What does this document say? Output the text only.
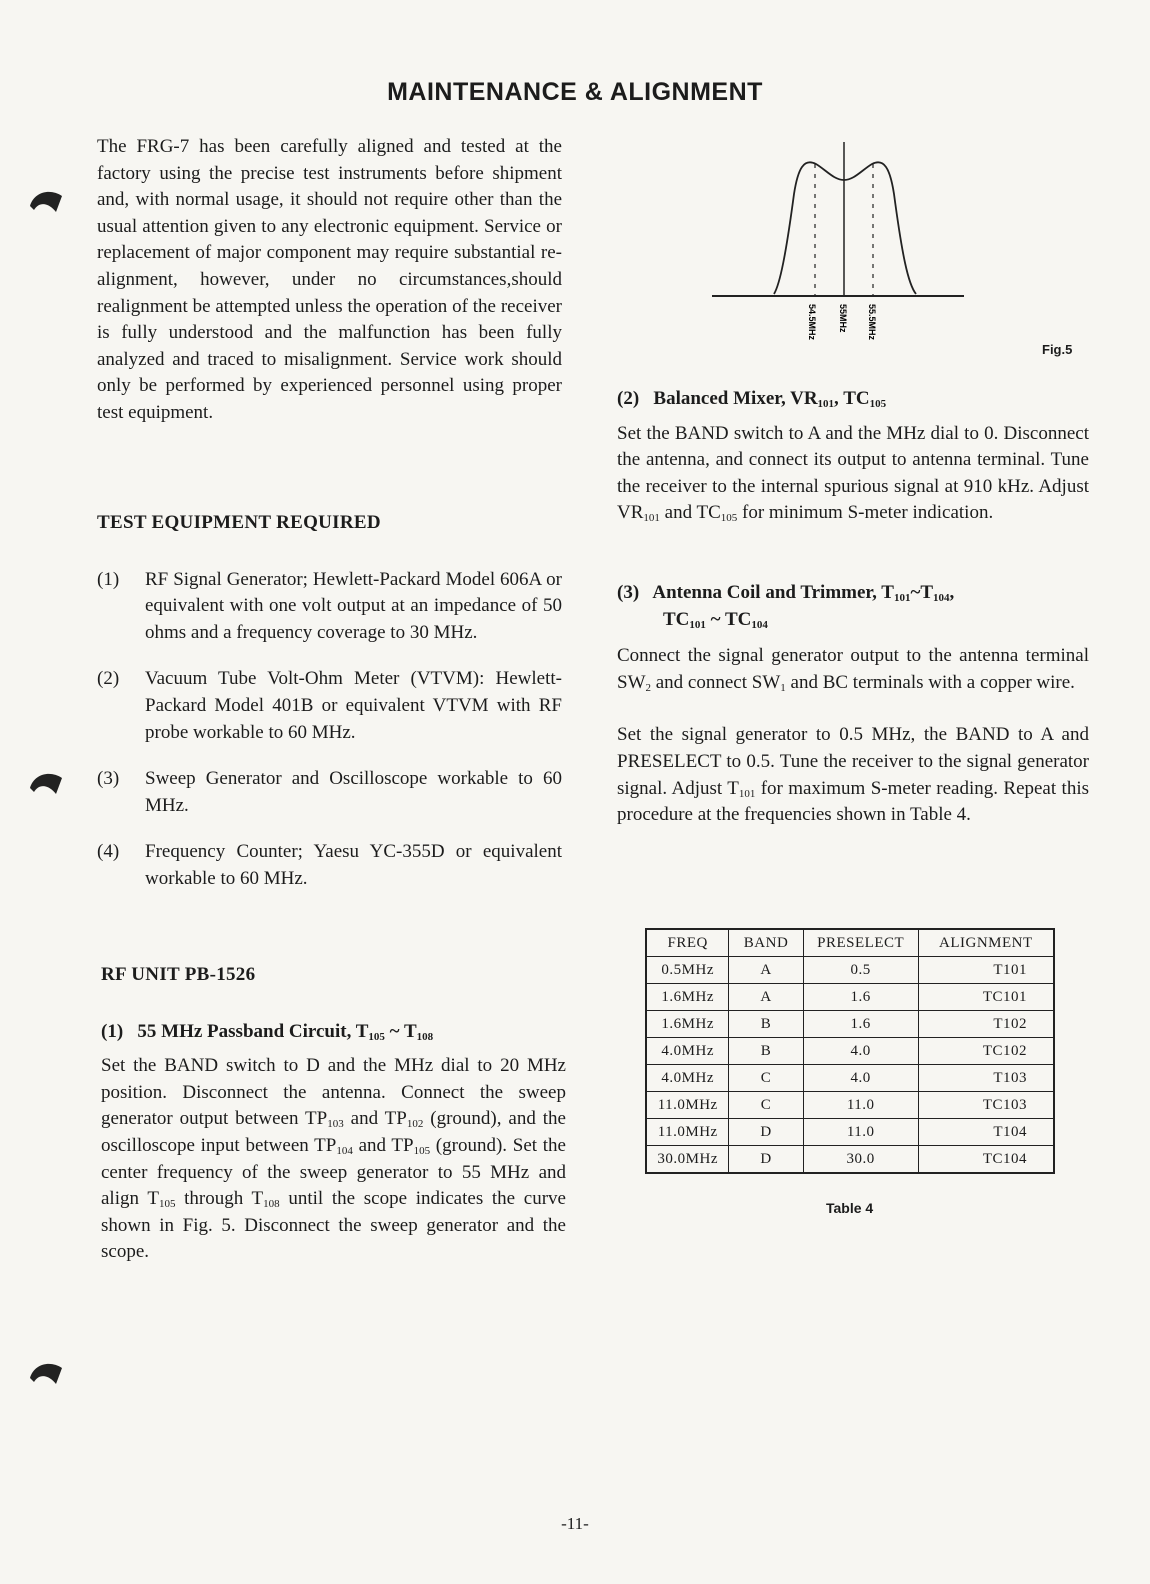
MAINTENANCE & ALIGNMENT

The FRG-7 has been carefully aligned and tested at the factory using the precise test instruments before shipment and, with normal usage, it should not require other than the usual attention given to any electronic equipment. Service or replacement of major component may require substantial re-alignment, however, under no circumstances,should realignment be attempted unless the operation of the receiver is fully understood and the malfunction has been fully analyzed and traced to misalignment. Service work should only be performed by experienced personnel using proper test equipment.

TEST EQUIPMENT REQUIRED
(1) RF Signal Generator; Hewlett-Packard Model 606A or equivalent with one volt output at an impedance of 50 ohms and a frequency coverage to 30 MHz.
(2) Vacuum Tube Volt-Ohm Meter (VTVM): Hewlett-Packard Model 401B or equivalent VTVM with RF probe workable to 60 MHz.
(3) Sweep Generator and Oscilloscope workable to 60 MHz.
(4) Frequency Counter; Yaesu YC-355D or equivalent workable to 60 MHz.
RF UNIT PB-1526
(1) 55 MHz Passband Circuit, $T_{105}$ ~ $T_{108}$

Set the BAND switch to D and the MHz dial to 20 MHz position. Disconnect the antenna. Connect the sweep generator output between $TP_{103}$ and $TP_{102}$ (ground), and the oscilloscope input between $TP_{104}$ and $TP_{105}$ (ground). Set the center frequency of the sweep generator to 55 MHz and align $T_{105}$ through $T_{108}$ until the scope indicates the curve shown in Fig. 5. Disconnect the sweep generator and the scope.

54.5MHz 55MHz 55.5MHz
Fig.5
(2) Balanced Mixer, $VR_{101}$, $TC_{105}$

Set the BAND switch to A and the MHz dial to 0. Disconnect the antenna, and connect its output to antenna terminal. Tune the receiver to the internal spurious signal at 910 kHz. Adjust $VR_{101}$ and $TC_{105}$ for minimum S-meter indication.

(3) Antenna Coil and Trimmer, $T_{101}\sim T_{104}$,
$TC_{101}$ ~ $TC_{104}$

Connect the signal generator output to the antenna terminal $SW_2$ and connect $SW_1$ and BC terminals with a copper wire.

Set the signal generator to 0.5 MHz, the BAND to A and PRESELECT to 0.5. Tune the receiver to the signal generator signal. Adjust $T_{101}$ for maximum S-meter reading. Repeat this procedure at the frequencies shown in Table 4.

FREQ	BAND	PRESELECT	ALIGNMENT
0.5MHz	A	0.5	T101
1.6MHz	A	1.6	TC101
1.6MHz	B	1.6	T102
4.0MHz	B	4.0	TC102
4.0MHz	C	4.0	T103
11.0MHz	C	11.0	TC103
11.0MHz	D	11.0	T104
30.0MHz	D	30.0	TC104
Table 4
-11-
